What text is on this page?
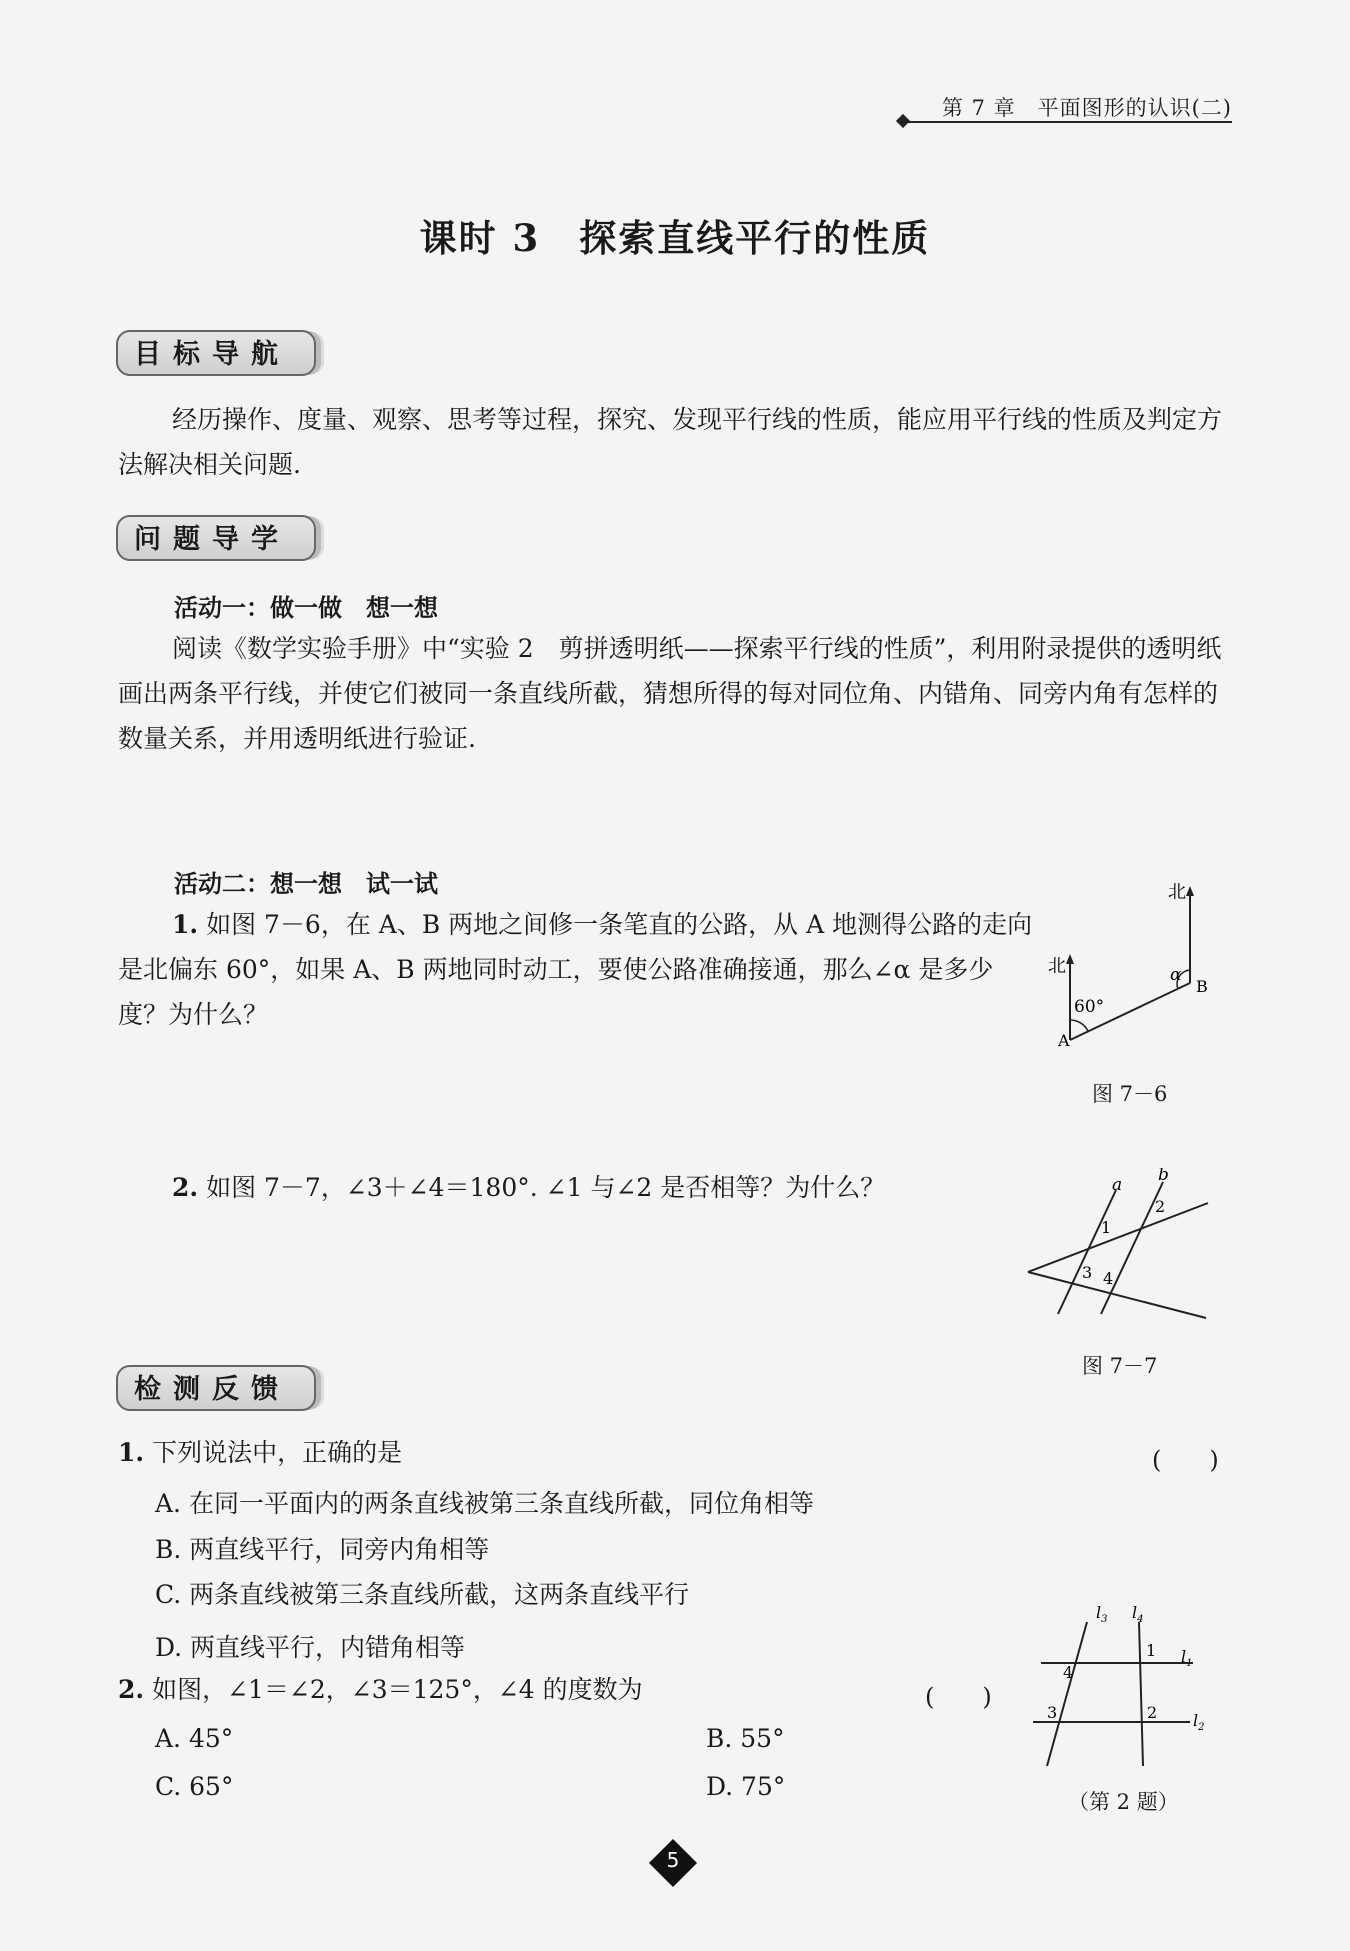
第 7 章　平面图形的认识(二)
课时 3　探索直线平行的性质
目标导航
经历操作、度量、观察、思考等过程，探究、发现平行线的性质，能应用平行线的性质及判定方法解决相关问题.
问题导学
活动一：做一做　想一想
阅读《数学实验手册》中“实验 2　剪拼透明纸——探索平行线的性质”，利用附录提供的透明纸画出两条平行线，并使它们被同一条直线所截，猜想所得的每对同位角、内错角、同旁内角有怎样的数量关系，并用透明纸进行验证.
活动二：想一想　试一试
1. 如图 7－6，在 A、B 两地之间修一条笔直的公路，从 A 地测得公路的走向是北偏东 60°，如果 A、B 两地同时动工，要使公路准确接通，那么∠α 是多少度？为什么？
北
北
60°
α
B
A
图 7－6
2. 如图 7－7，∠3＋∠4＝180°. ∠1 与∠2 是否相等？为什么？	a b
1
2
3 4
图 7－7
检测反馈
1. 下列说法中，正确的是	(　　)
A. 在同一平面内的两条直线被第三条直线所截，同位角相等
B. 两直线平行，同旁内角相等
C. 两条直线被第三条直线所截，这两条直线平行
D. 两直线平行，内错角相等
2. 如图，∠1＝∠2，∠3＝125°，∠4 的度数为	(　　)
A. 45°	B. 55°
C. 65°	D. 75°
$l_3$ $l_4$
$l_1$
$l_2$
1
2
3
4
（第 2 题）
5
